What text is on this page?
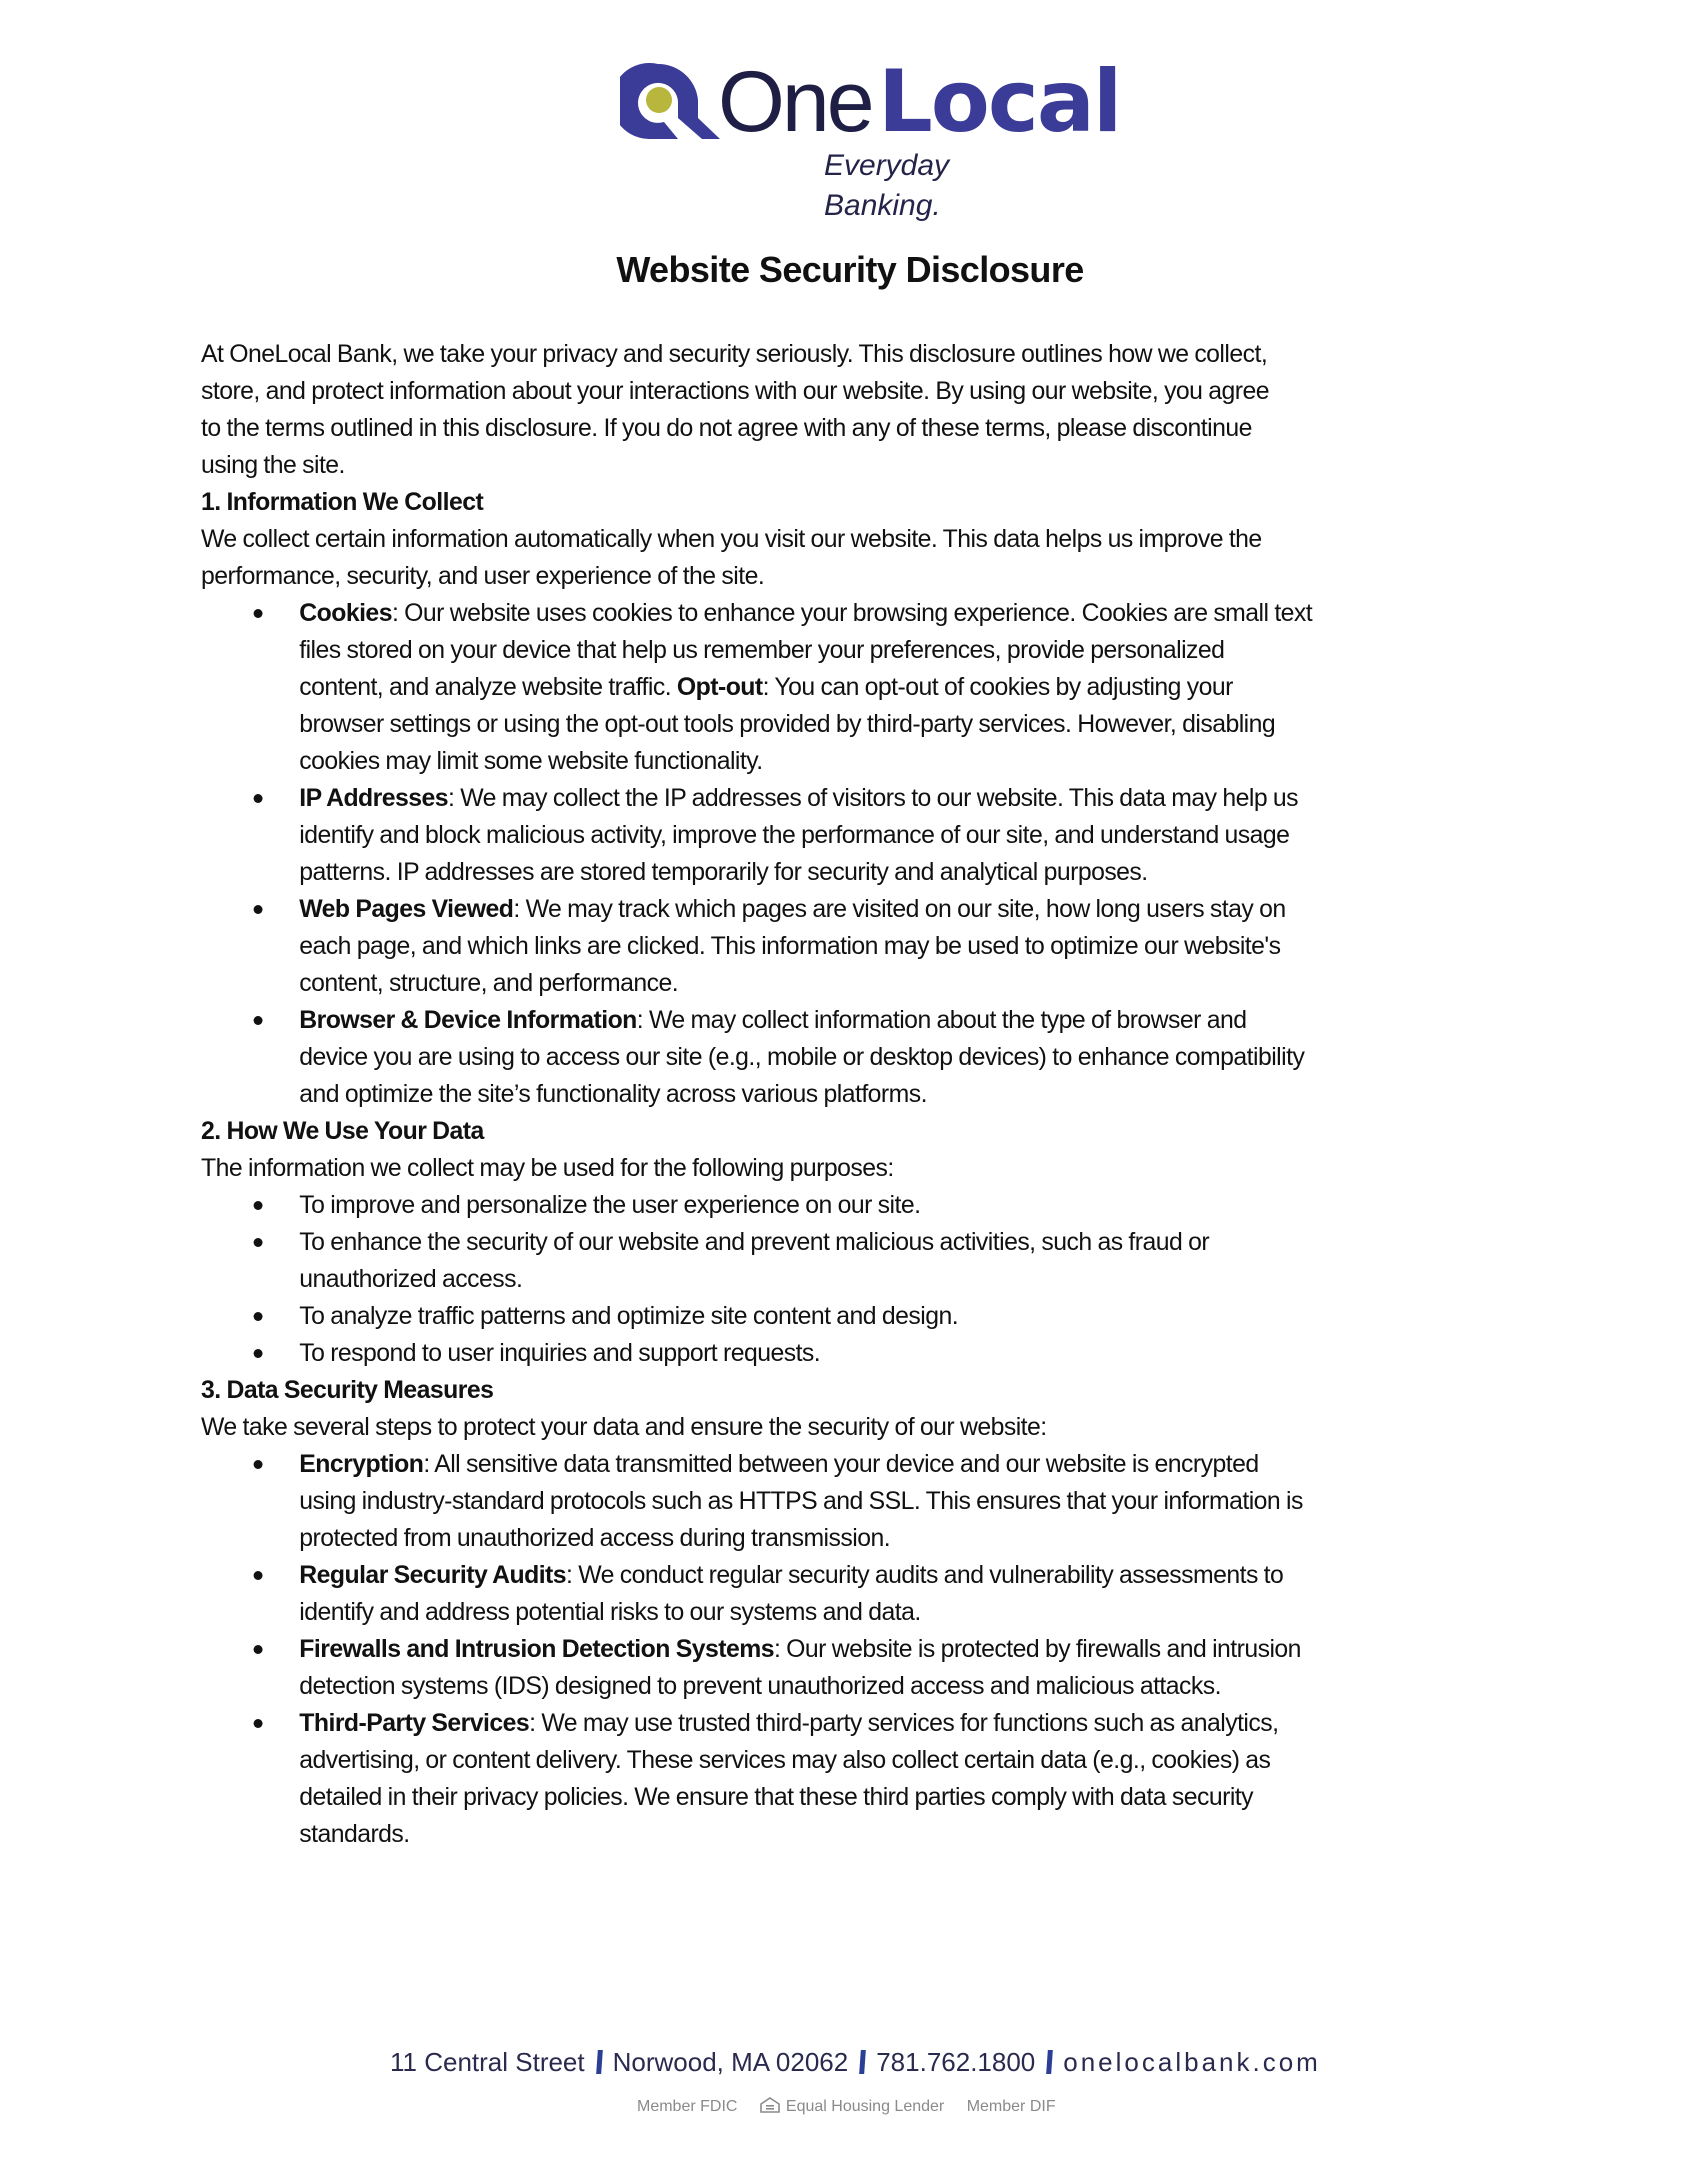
One Local
Everyday Banking.
Website Security Disclosure
At OneLocal Bank, we take your privacy and security seriously. This disclosure outlines how we collect,
store, and protect information about your interactions with our website. By using our website, you agree
to the terms outlined in this disclosure. If you do not agree with any of these terms, please discontinue
using the site.
1. Information We Collect
We collect certain information automatically when you visit our website. This data helps us improve the
performance, security, and user experience of the site.
Cookies: Our website uses cookies to enhance your browsing experience. Cookies are small text
files stored on your device that help us remember your preferences, provide personalized
content, and analyze website traffic. Opt-out: You can opt-out of cookies by adjusting your
browser settings or using the opt-out tools provided by third-party services. However, disabling
cookies may limit some website functionality.
IP Addresses: We may collect the IP addresses of visitors to our website. This data may help us
identify and block malicious activity, improve the performance of our site, and understand usage
patterns. IP addresses are stored temporarily for security and analytical purposes.
Web Pages Viewed: We may track which pages are visited on our site, how long users stay on
each page, and which links are clicked. This information may be used to optimize our website's
content, structure, and performance.
Browser & Device Information: We may collect information about the type of browser and
device you are using to access our site (e.g., mobile or desktop devices) to enhance compatibility
and optimize the site’s functionality across various platforms.
2. How We Use Your Data
The information we collect may be used for the following purposes:
To improve and personalize the user experience on our site.
To enhance the security of our website and prevent malicious activities, such as fraud or
unauthorized access.
To analyze traffic patterns and optimize site content and design.
To respond to user inquiries and support requests.
3. Data Security Measures
We take several steps to protect your data and ensure the security of our website:
Encryption: All sensitive data transmitted between your device and our website is encrypted
using industry-standard protocols such as HTTPS and SSL. This ensures that your information is
protected from unauthorized access during transmission.
Regular Security Audits: We conduct regular security audits and vulnerability assessments to
identify and address potential risks to our systems and data.
Firewalls and Intrusion Detection Systems: Our website is protected by firewalls and intrusion
detection systems (IDS) designed to prevent unauthorized access and malicious attacks.
Third-Party Services: We may use trusted third-party services for functions such as analytics,
advertising, or content delivery. These services may also collect certain data (e.g., cookies) as
detailed in their privacy policies. We ensure that these third parties comply with data security
standards.
11 Central Street Norwood, MA 02062 781.762.1800 onelocalbank.com
Member FDIC	Equal Housing Lender Member DIF
